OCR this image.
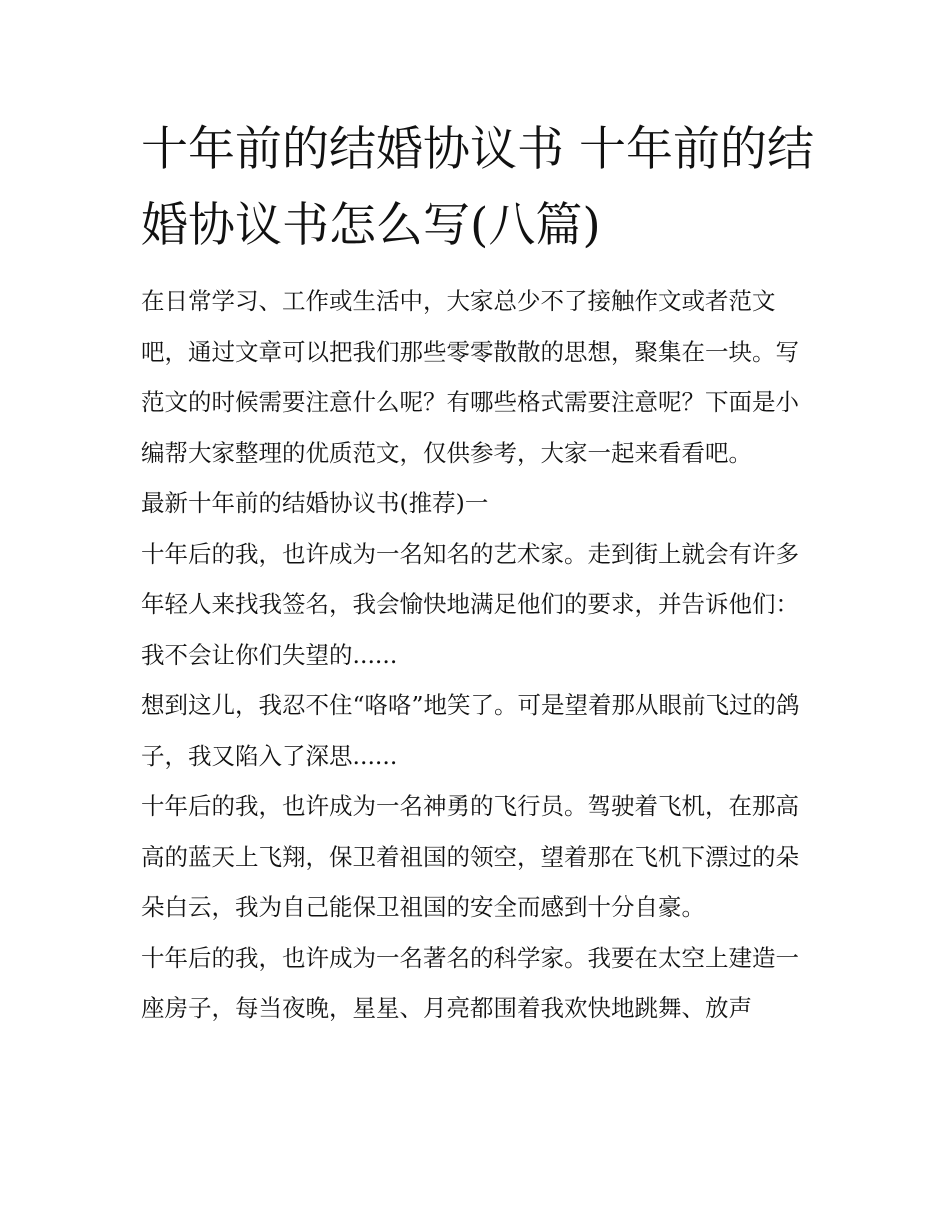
十年前的结婚协议书 十年前的结婚协议书怎么写(八篇)

在日常学习、工作或生活中，大家总少不了接触作文或者范文吧，通过文章可以把我们那些零零散散的思想，聚集在一块。写范文的时候需要注意什么呢？有哪些格式需要注意呢？下面是小编帮大家整理的优质范文，仅供参考，大家一起来看看吧。

最新十年前的结婚协议书(推荐)一

十年后的我，也许成为一名知名的艺术家。走到街上就会有许多年轻人来找我签名，我会愉快地满足他们的要求，并告诉他们：我不会让你们失望的......

想到这儿，我忍不住“咯咯”地笑了。可是望着那从眼前飞过的鸽子，我又陷入了深思......

十年后的我，也许成为一名神勇的飞行员。驾驶着飞机，在那高高的蓝天上飞翔，保卫着祖国的领空，望着那在飞机下漂过的朵朵白云，我为自己能保卫祖国的安全而感到十分自豪。

十年后的我，也许成为一名著名的科学家。我要在太空上建造一座房子，每当夜晚，星星、月亮都围着我欢快地跳舞、放声
